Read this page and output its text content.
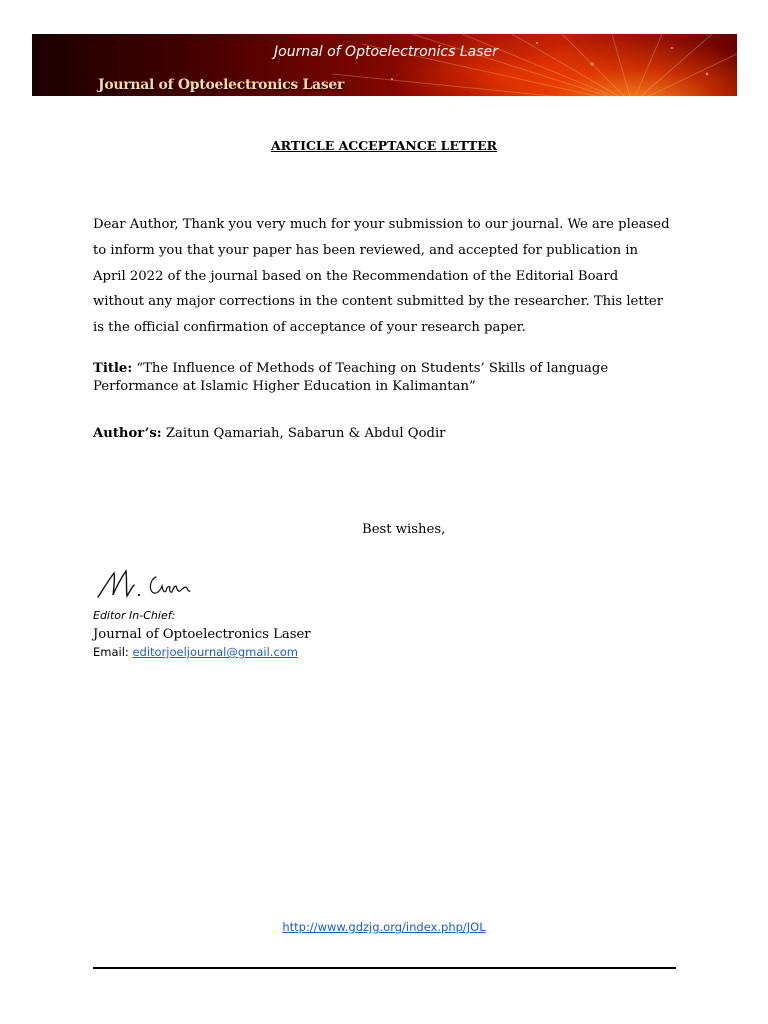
Journal of Optoelectronics Laser
Journal of Optoelectronics Laser
ARTICLE ACCEPTANCE LETTER
Dear Author, Thank you very much for your submission to our journal. We are pleased to inform you that your paper has been reviewed, and accepted for publication in April 2022 of the journal based on the Recommendation of the Editorial Board without any major corrections in the content submitted by the researcher. This letter is the official confirmation of acceptance of your research paper.
Title: “The Influence of Methods of Teaching on Students’ Skills of language Performance at Islamic Higher Education in Kalimantan”
Author’s: Zaitun Qamariah, Sabarun & Abdul Qodir
Best wishes,
Editor In-Chief:
Journal of Optoelectronics Laser
Email: editorjoeljournal@gmail.com
http://www.gdzjg.org/index.php/JOL
